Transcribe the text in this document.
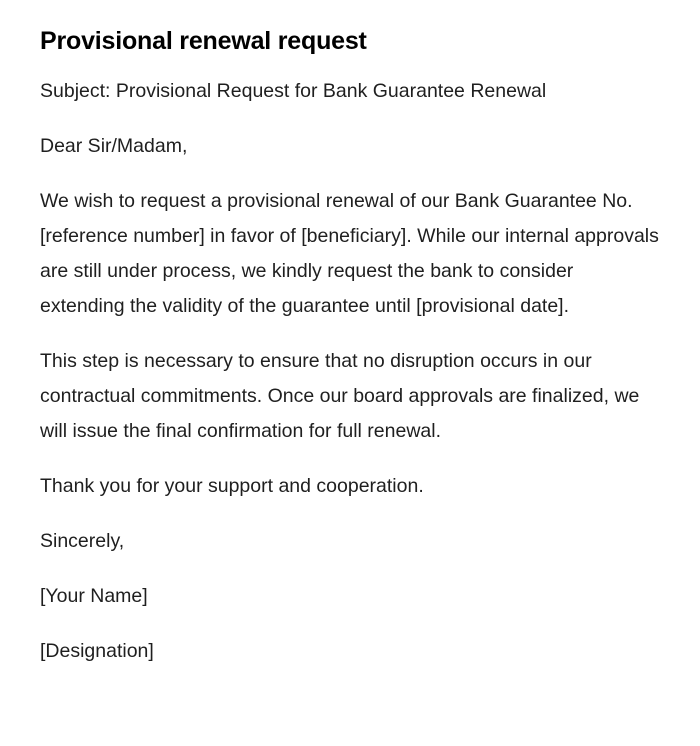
Provisional renewal request

Subject: Provisional Request for Bank Guarantee Renewal

Dear Sir/Madam,

We wish to request a provisional renewal of our Bank Guarantee No. [reference number] in favor of [beneficiary]. While our internal approvals are still under process, we kindly request the bank to consider extending the validity of the guarantee until [provisional date].

This step is necessary to ensure that no disruption occurs in our contractual commitments. Once our board approvals are finalized, we will issue the final confirmation for full renewal.

Thank you for your support and cooperation.

Sincerely,

[Your Name]

[Designation]
